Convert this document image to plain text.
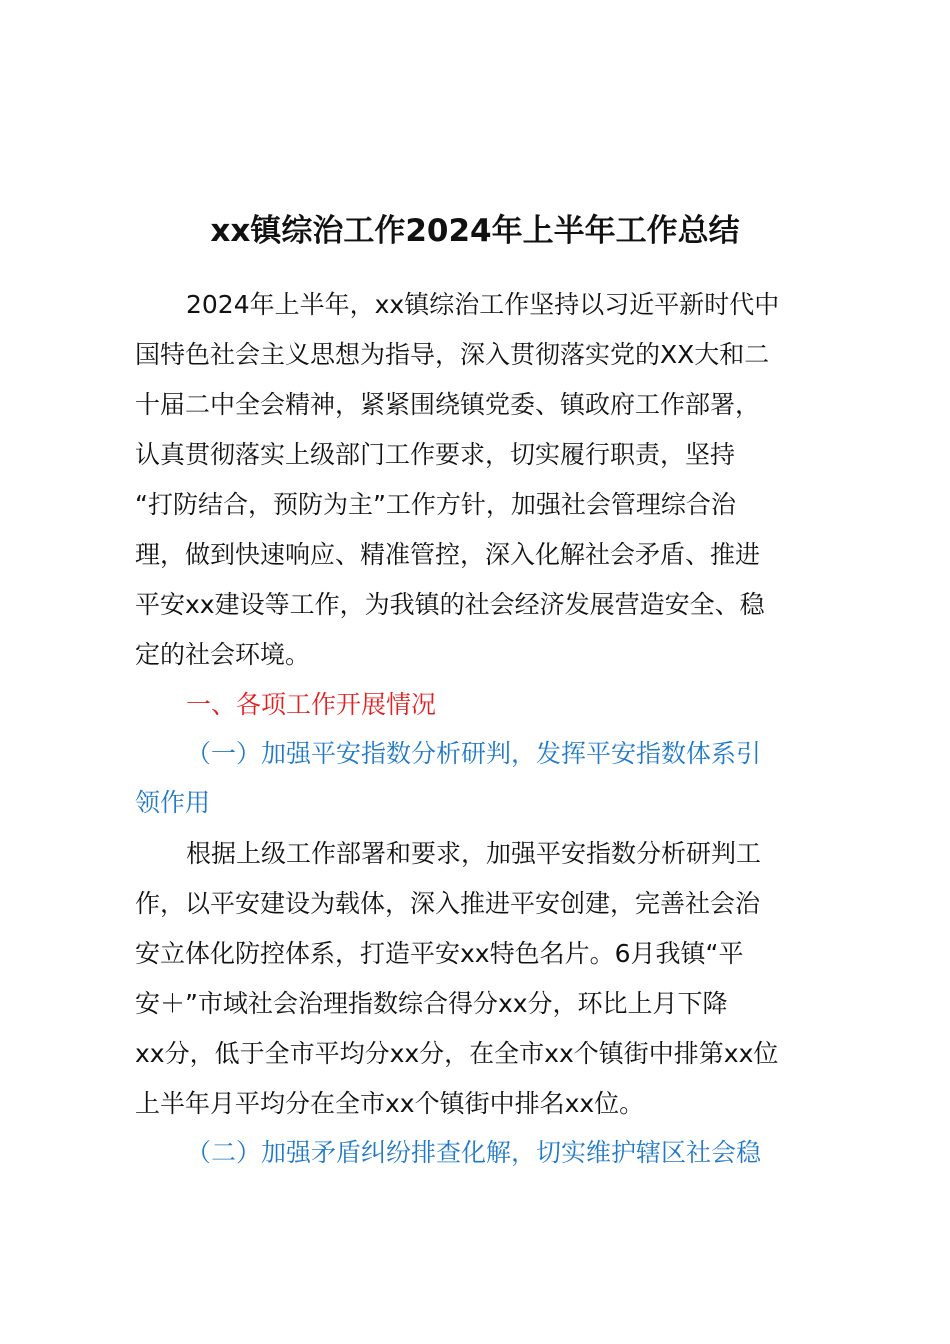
xx镇综治工作2024年上半年工作总结
2024年上半年，xx镇综治工作坚持以习近平新时代中
国特色社会主义思想为指导，深入贯彻落实党的XX大和二
十届二中全会精神，紧紧围绕镇党委、镇政府工作部署，
认真贯彻落实上级部门工作要求，切实履行职责，坚持
“打防结合，预防为主”工作方针，加强社会管理综合治
理，做到快速响应、精准管控，深入化解社会矛盾、推进
平安xx建设等工作，为我镇的社会经济发展营造安全、稳
定的社会环境。
一、各项工作开展情况
（一）加强平安指数分析研判，发挥平安指数体系引
领作用
根据上级工作部署和要求，加强平安指数分析研判工
作，以平安建设为载体，深入推进平安创建，完善社会治
安立体化防控体系，打造平安xx特色名片。6月我镇“平
安＋”市域社会治理指数综合得分xx分，环比上月下降
xx分，低于全市平均分xx分，在全市xx个镇街中排第xx位
上半年月平均分在全市xx个镇街中排名xx位。
（二）加强矛盾纠纷排查化解，切实维护辖区社会稳
